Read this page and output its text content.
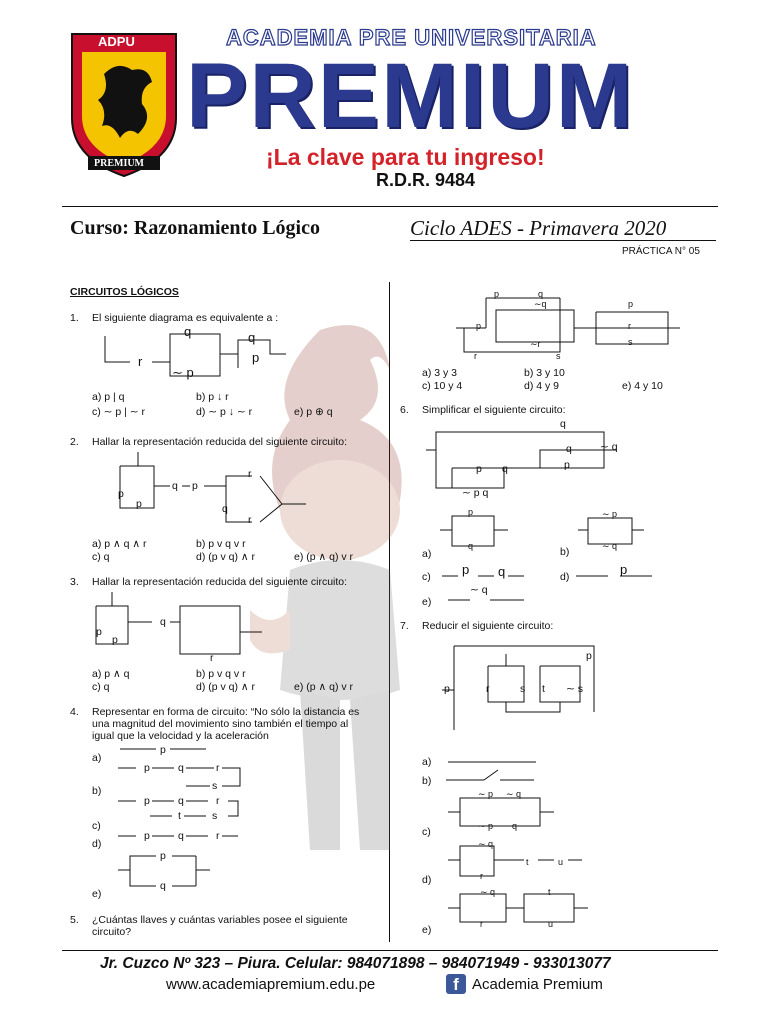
ADPU
PREMIUM
ACADEMIA PRE UNIVERSITARIA
PREMIUM
¡La clave para tu ingreso!
R.D.R. 9484
Curso: Razonamiento Lógico	Ciclo ADES - Primavera 2020
PRÁCTICA N° 05
CIRCUITOS LÓGICOS
1. El siguiente diagrama es equivalente a :
q	q
r
∼ p
p
a) p | q	b) p ↓ r
c) ∼ p | ∼ r	d) ∼ p ↓ ∼ r	e) p ⊕ q
2. Hallar la representación reducida del siguiente circuito:
p
p
q p
q
r
r
a) p ∧ q ∧ r	b) p v q v r
c) q	d) (p v q) ∧ r	e) (p ∧ q) v r
3. Hallar la representación reducida del siguiente circuito:
p
p
q
r
a) p ∧ q	b) p v q v r
c) q	d) (p v q) ∧ r	e) (p ∧ q) v r
4. Representar en forma de circuito: “No sólo la distancia es
una magnitud del movimiento sino también el tiempo al
igual que la velocidad y la aceleración
a)
b)
c)
d)
e)
p
p	q	r
s
p	q	r
t	s
p	q	r
p
q
5. ¿Cuántas llaves y cuántas variables posee el siguiente
circuito?
p	q
∼q
p
∼r
r	s
p
r
s
a) 3 y 3	b) 3 y 10
c) 10 y 4	d) 4 y 9	e) 4 y 10
6. Simplificar el siguiente circuito:
q
q	∼ q
p q	p
∼ p q
a)	b)
c)	d)
e)
p
q
∼ p
∼ q
p q	p
∼ q
7. Reducir el siguiente circuito:
p
p	r	s t ∼ s
a)
b)
c)
d)
e)
∼ p ∼ q
∼ p q
∼ q
r
t	u
∼ q
r
t
u
Jr. Cuzco Nº 323 – Piura. Celular: 984071898 – 984071949 - 933013077
www.academiapremium.edu.pe	f Academia Premium
